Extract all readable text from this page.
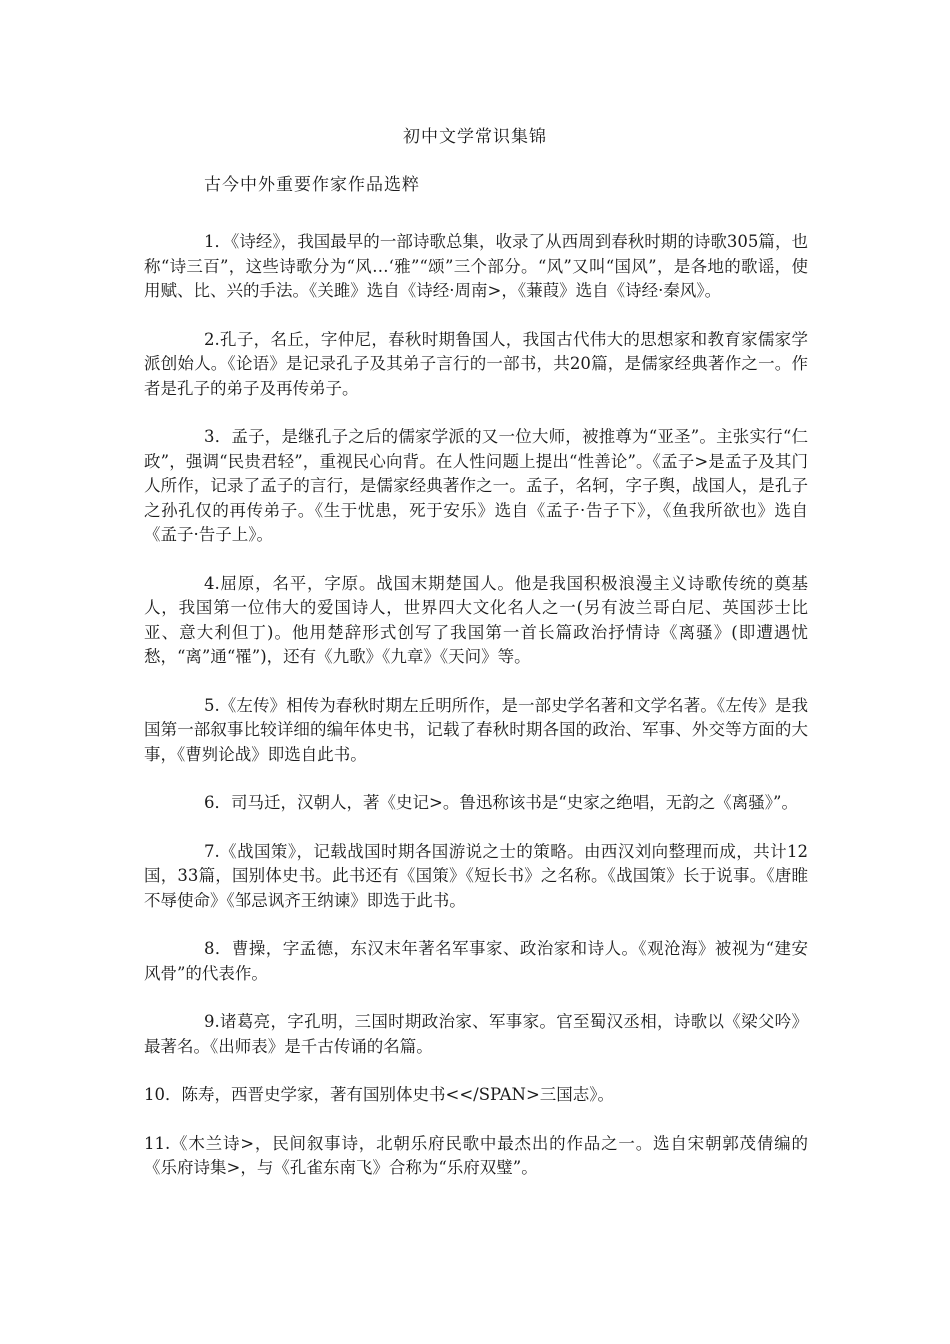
初中文学常识集锦
古今中外重要作家作品选粹

1．《诗经》，我国最早的一部诗歌总集，收录了从西周到春秋时期的诗歌305篇，也称“诗三百”，这些诗歌分为“风…‘雅”“颂”三个部分。“风”又叫“国风”，是各地的歌谣，使用赋、比、兴的手法。《关雎》选自《诗经·周南>，《蒹葭》选自《诗经·秦风》。

2.孔子，名丘，字仲尼，春秋时期鲁国人，我国古代伟大的思想家和教育家儒家学派创始人。《论语》是记录孔子及其弟子言行的一部书，共20篇，是儒家经典著作之一。作者是孔子的弟子及再传弟子。

3．孟子，是继孔子之后的儒家学派的又一位大师，被推尊为“亚圣”。主张实行“仁政”，强调“民贵君轻”，重视民心向背。在人性问题上提出“性善论”。《孟子>是孟子及其门人所作，记录了孟子的言行，是儒家经典著作之一。孟子，名轲，字子舆，战国人，是孔子之孙孔仅的再传弟子。《生于忧患，死于安乐》选自《孟子·告子下》，《鱼我所欲也》选自《孟子·告子上》。

4.屈原，名平，字原。战国末期楚国人。他是我国积极浪漫主义诗歌传统的奠基人，我国第一位伟大的爱国诗人，世界四大文化名人之一(另有波兰哥白尼、英国莎士比亚、意大利但丁)。他用楚辞形式创写了我国第一首长篇政治抒情诗《离骚》(即遭遇忧愁，“离”通“罹”)，还有《九歌》《九章》《天问》等。

5.《左传》相传为春秋时期左丘明所作，是一部史学名著和文学名著。《左传》是我国第一部叙事比较详细的编年体史书，记载了春秋时期各国的政治、军事、外交等方面的大事，《曹刿论战》即选自此书。

6．司马迁，汉朝人，著《史记>。鲁迅称该书是“史家之绝唱，无韵之《离骚》”。

7.《战国策》，记载战国时期各国游说之士的策略。由西汉刘向整理而成，共计12国，33篇，国别体史书。此书还有《国策》《短长书》之名称。《战国策》长于说事。《唐睢不辱使命》《邹忌讽齐王纳谏》即选于此书。

8．曹操，字孟德，东汉末年著名军事家、政治家和诗人。《观沧海》被视为“建安风骨”的代表作。

9.诸葛亮，字孔明，三国时期政治家、军事家。官至蜀汉丞相，诗歌以《梁父吟》最著名。《出师表》是千古传诵的名篇。

10．陈寿，西晋史学家，著有国别体史书<</SPAN>三国志》。

11.《木兰诗>，民间叙事诗，北朝乐府民歌中最杰出的作品之一。选自宋朝郭茂倩编的《乐府诗集>，与《孔雀东南飞》合称为“乐府双璧”。
